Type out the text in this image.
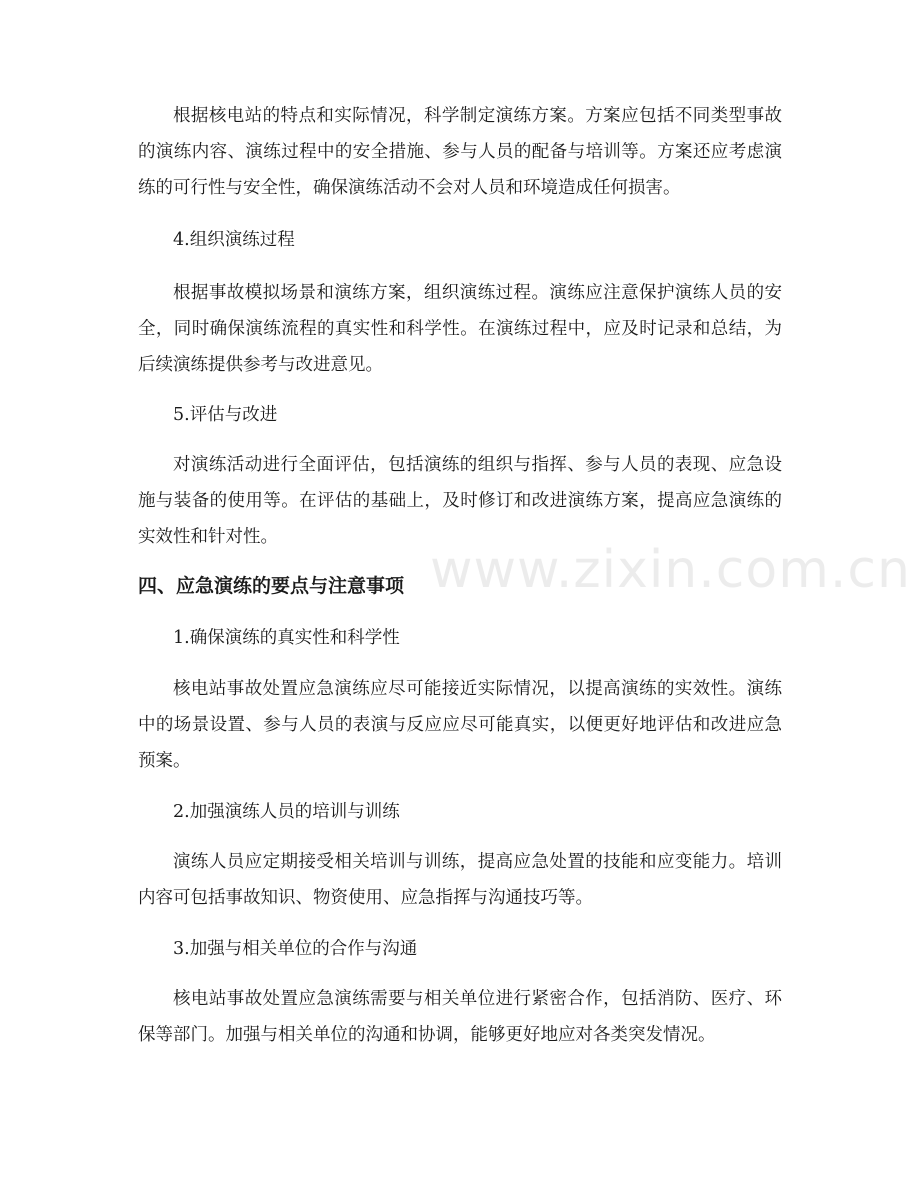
根据核电站的特点和实际情况，科学制定演练方案。方案应包括不同类型事故的演练内容、演练过程中的安全措施、参与人员的配备与培训等。方案还应考虑演练的可行性与安全性，确保演练活动不会对人员和环境造成任何损害。

4.组织演练过程

根据事故模拟场景和演练方案，组织演练过程。演练应注意保护演练人员的安全，同时确保演练流程的真实性和科学性。在演练过程中，应及时记录和总结，为后续演练提供参考与改进意见。

5.评估与改进

对演练活动进行全面评估，包括演练的组织与指挥、参与人员的表现、应急设施与装备的使用等。在评估的基础上，及时修订和改进演练方案，提高应急演练的实效性和针对性。

四、应急演练的要点与注意事项

1.确保演练的真实性和科学性

核电站事故处置应急演练应尽可能接近实际情况，以提高演练的实效性。演练中的场景设置、参与人员的表演与反应应尽可能真实，以便更好地评估和改进应急预案。

2.加强演练人员的培训与训练

演练人员应定期接受相关培训与训练，提高应急处置的技能和应变能力。培训内容可包括事故知识、物资使用、应急指挥与沟通技巧等。

3.加强与相关单位的合作与沟通

核电站事故处置应急演练需要与相关单位进行紧密合作，包括消防、医疗、环保等部门。加强与相关单位的沟通和协调，能够更好地应对各类突发情况。

www.zixin.com.cn
